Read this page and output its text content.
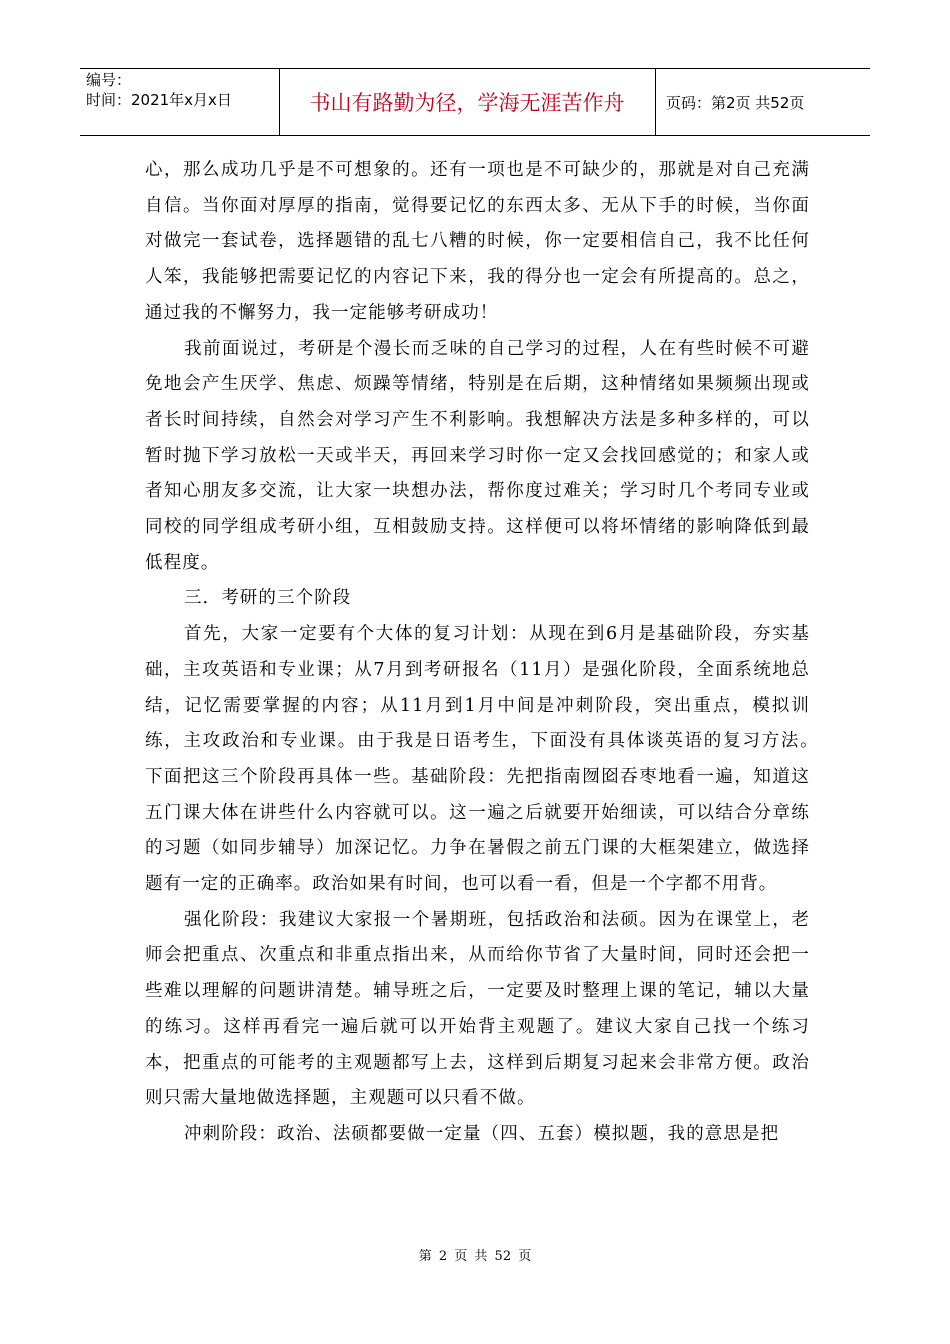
编号：
时间：2021年x月x日	书山有路勤为径，学海无涯苦作舟	页码：第2页 共52页

心，那么成功几乎是不可想象的。还有一项也是不可缺少的，那就是对自己充满自信。当你面对厚厚的指南，觉得要记忆的东西太多、无从下手的时候，当你面对做完一套试卷，选择题错的乱七八糟的时候，你一定要相信自己，我不比任何人笨，我能够把需要记忆的内容记下来，我的得分也一定会有所提高的。总之，通过我的不懈努力，我一定能够考研成功！

我前面说过，考研是个漫长而乏味的自己学习的过程，人在有些时候不可避免地会产生厌学、焦虑、烦躁等情绪，特别是在后期，这种情绪如果频频出现或者长时间持续，自然会对学习产生不利影响。我想解决方法是多种多样的，可以暂时抛下学习放松一天或半天，再回来学习时你一定又会找回感觉的；和家人或者知心朋友多交流，让大家一块想办法，帮你度过难关；学习时几个考同专业或同校的同学组成考研小组，互相鼓励支持。这样便可以将坏情绪的影响降低到最低程度。

三．考研的三个阶段

首先，大家一定要有个大体的复习计划：从现在到6月是基础阶段，夯实基础，主攻英语和专业课；从7月到考研报名（11月）是强化阶段，全面系统地总结，记忆需要掌握的内容；从11月到1月中间是冲刺阶段，突出重点，模拟训练，主攻政治和专业课。由于我是日语考生，下面没有具体谈英语的复习方法。　　　　下面把这三个阶段再具体一些。基础阶段：先把指南囫囵吞枣地看一遍，知道这五门课大体在讲些什么内容就可以。这一遍之后就要开始细读，可以结合分章练的习题（如同步辅导）加深记忆。力争在暑假之前五门课的大框架建立，做选择题有一定的正确率。政治如果有时间，也可以看一看，但是一个字都不用背。

强化阶段：我建议大家报一个暑期班，包括政治和法硕。因为在课堂上，老师会把重点、次重点和非重点指出来，从而给你节省了大量时间，同时还会把一些难以理解的问题讲清楚。辅导班之后，一定要及时整理上课的笔记，辅以大量的练习。这样再看完一遍后就可以开始背主观题了。建议大家自己找一个练习本，把重点的可能考的主观题都写上去，这样到后期复习起来会非常方便。政治则只需大量地做选择题，主观题可以只看不做。

冲刺阶段：政治、法硕都要做一定量（四、五套）模拟题，我的意思是把

第 2 页 共 52 页
